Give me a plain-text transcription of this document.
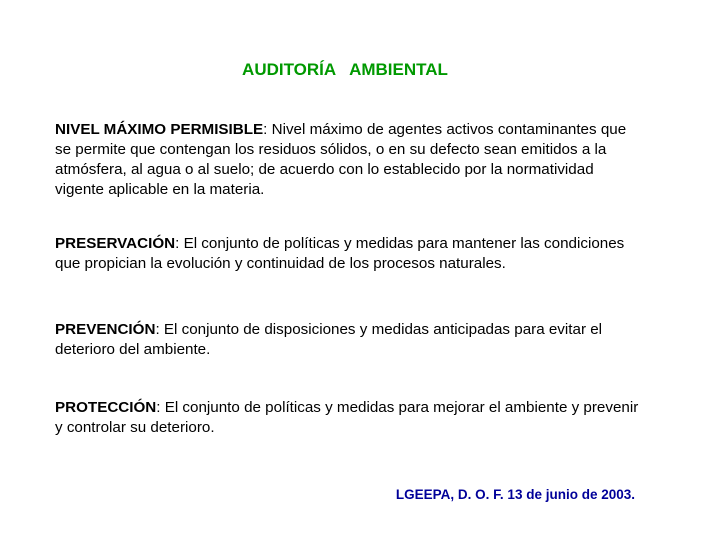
AUDITORÍA   AMBIENTAL

NIVEL MÁXIMO PERMISIBLE: Nivel máximo de agentes activos contaminantes que se permite que contengan los residuos sólidos, o en su defecto sean emitidos a la atmósfera, al agua o al suelo; de acuerdo con lo establecido por la normatividad vigente aplicable en la materia.

PRESERVACIÓN: El conjunto de políticas y medidas para mantener las condiciones que propician la evolución y continuidad de los procesos naturales.

PREVENCIÓN: El conjunto de disposiciones y medidas anticipadas para evitar el deterioro del ambiente.

PROTECCIÓN: El conjunto de políticas y medidas para mejorar el ambiente y prevenir y controlar su deterioro.

LGEEPA, D. O. F. 13 de junio de 2003.
